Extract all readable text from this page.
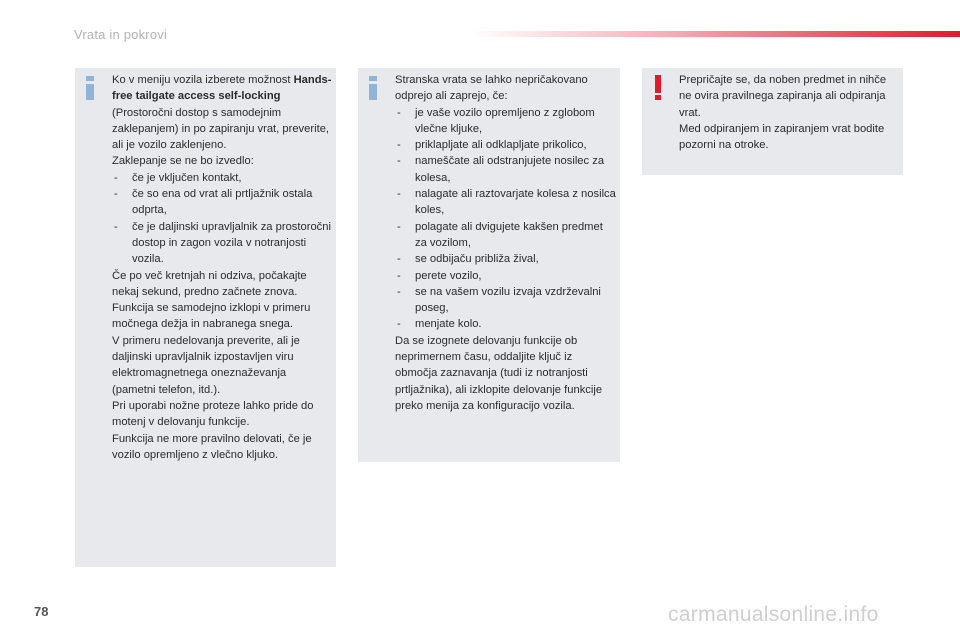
Vrata in pokrovi

Ko v meniju vozila izberete možnost Hands-free tailgate access self-locking (Prostoročni dostop s samodejnim zaklepanjem) in po zapiranju vrat, preverite, ali je vozilo zaklenjeno.

Zaklepanje se ne bo izvedlo:

- če je vključen kontakt,
- če so ena od vrat ali prtljažnik ostala odprta,
- če je daljinski upravljalnik za prostoročni dostop in zagon vozila v notranjosti vozila.

Če po več kretnjah ni odziva, počakajte nekaj sekund, predno začnete znova.

Funkcija se samodejno izklopi v primeru močnega dežja in nabranega snega.

V primeru nedelovanja preverite, ali je daljinski upravljalnik izpostavljen viru elektromagnetnega oneznaževanja (pametni telefon, itd.).

Pri uporabi nožne proteze lahko pride do motenj v delovanju funkcije.

Funkcija ne more pravilno delovati, če je vozilo opremljeno z vlečno kljuko.

Stranska vrata se lahko nepričakovano odprejo ali zaprejo, če:

- je vaše vozilo opremljeno z zglobom vlečne kljuke,
- priklapljate ali odklapljate prikolico,
- nameščate ali odstranjujete nosilec za kolesa,
- nalagate ali raztovarjate kolesa z nosilca koles,
- polagate ali dvigujete kakšen predmet za vozilom,
- se odbijaču približa žival,
- perete vozilo,
- se na vašem vozilu izvaja vzdrževalni poseg,
- menjate kolo.

Da se izognete delovanju funkcije ob neprimernem času, oddaljite ključ iz območja zaznavanja (tudi iz notranjosti prtljažnika), ali izklopite delovanje funkcije preko menija za konfiguracijo vozila.

Prepričajte se, da noben predmet in nihče ne ovira pravilnega zapiranja ali odpiranja vrat.

Med odpiranjem in zapiranjem vrat bodite pozorni na otroke.

78	carmanualsonline.info
